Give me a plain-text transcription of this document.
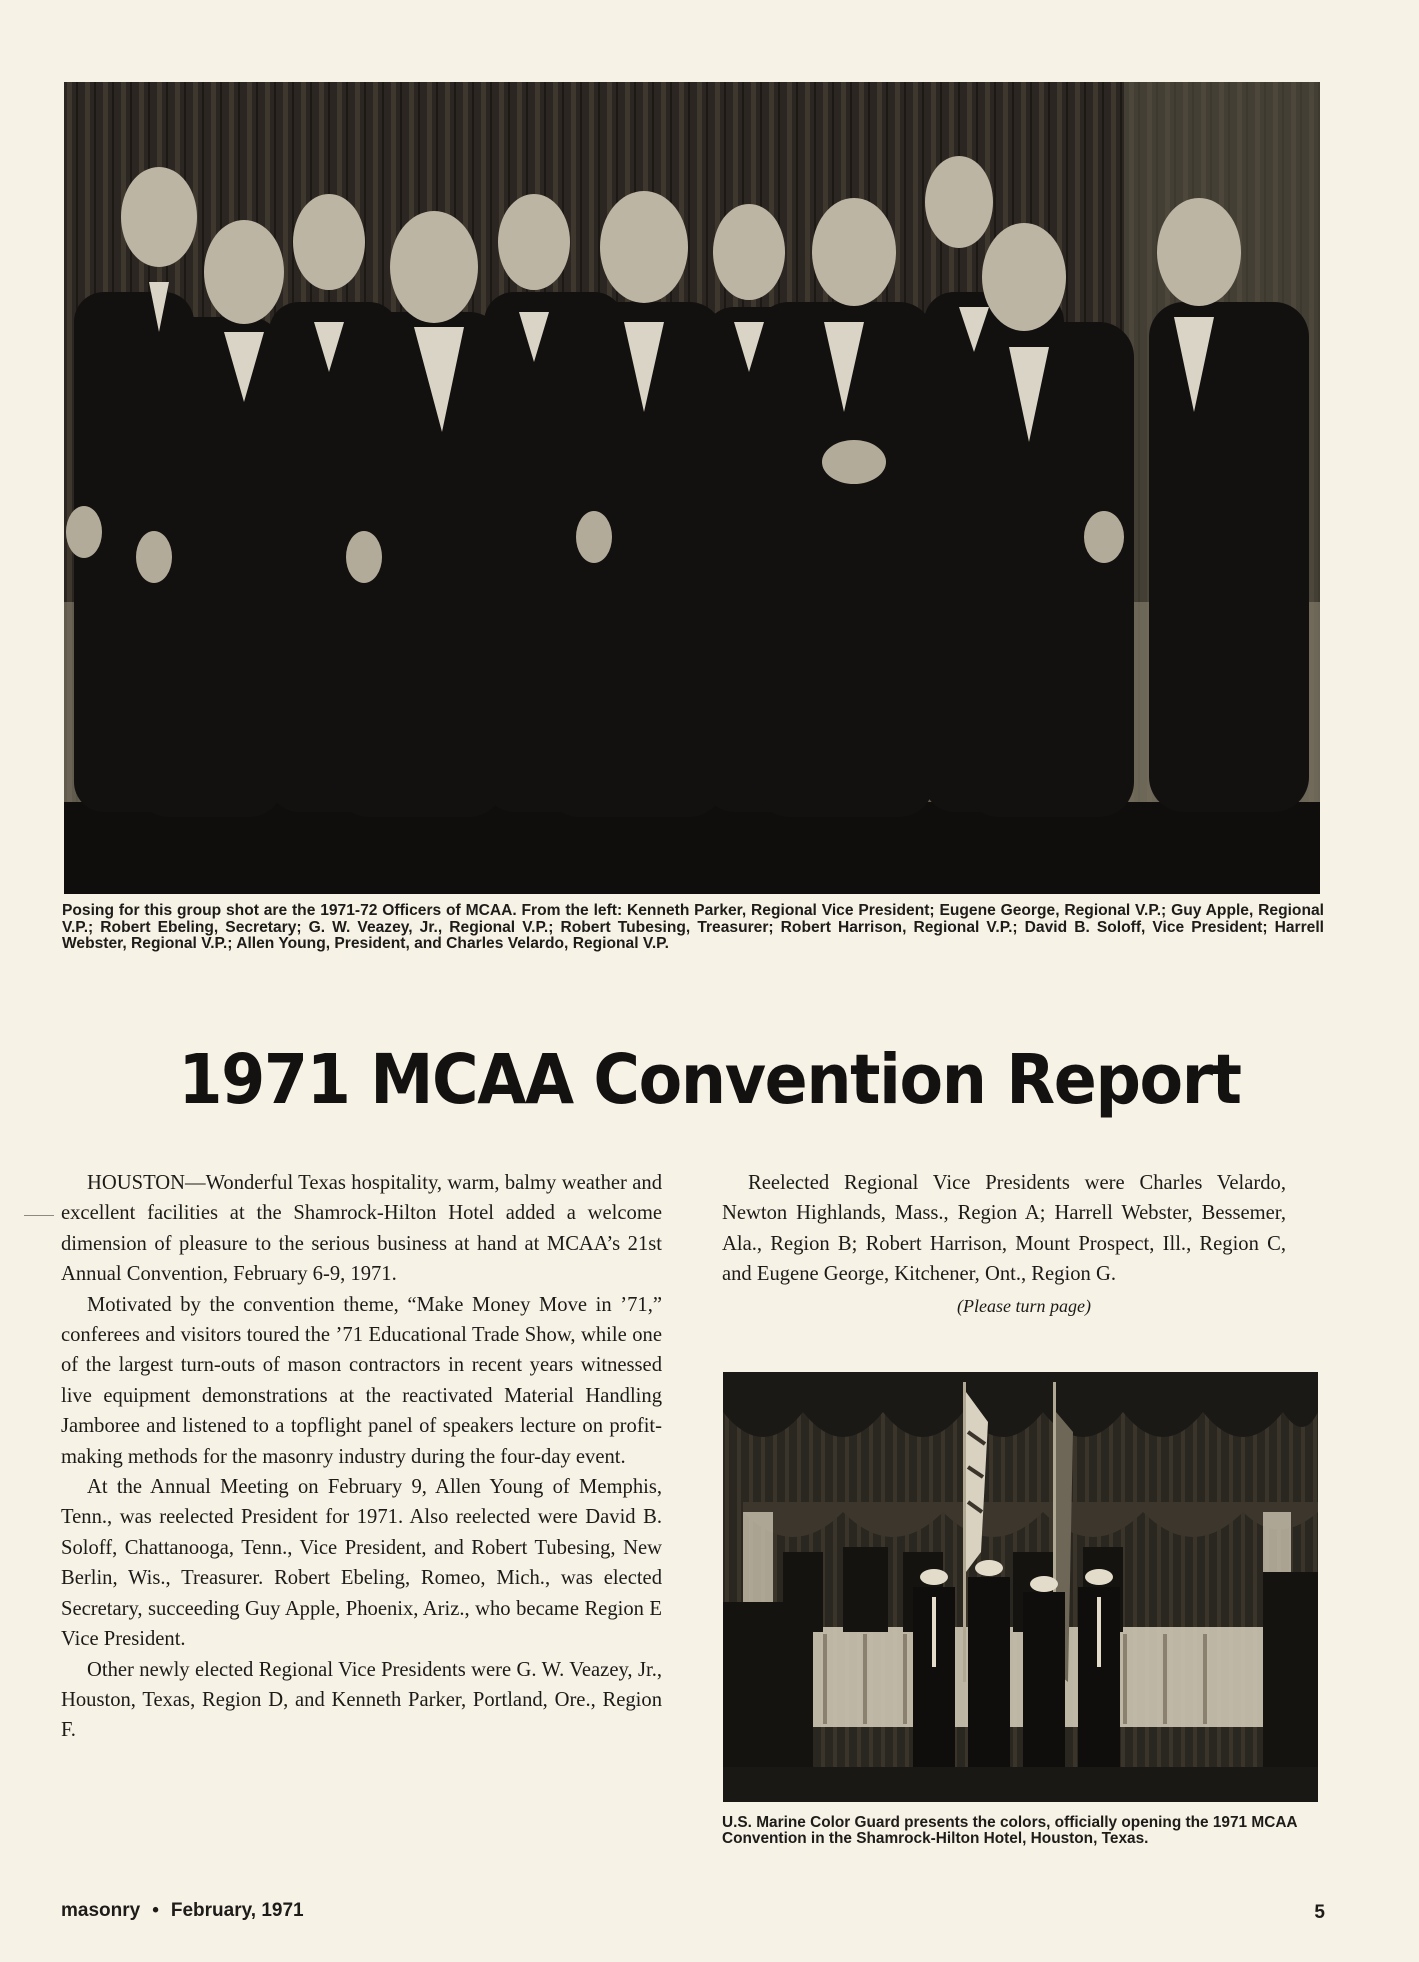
Posing for this group shot are the 1971-72 Officers of MCAA. From the left: Kenneth Parker, Regional Vice President; Eugene George, Regional V.P.; Guy Apple, Regional V.P.; Robert Ebeling, Secretary; G. W. Veazey, Jr., Regional V.P.; Robert Tubesing, Treasurer; Robert Harrison, Regional V.P.; David B. Soloff, Vice President; Harrell Webster, Regional V.P.; Allen Young, President, and Charles Velardo, Regional V.P.
1971 MCAA Convention Report

HOUSTON—Wonderful Texas hospitality, warm, balmy weather and excellent facilities at the Shamrock-Hilton Hotel added a welcome dimension of pleasure to the serious business at hand at MCAA’s 21st Annual Convention, February 6-9, 1971.

Motivated by the convention theme, “Make Money Move in ’71,” conferees and visitors toured the ’71 Educational Trade Show, while one of the largest turn-outs of mason contractors in recent years witnessed live equipment demonstrations at the reactivated Material Handling Jamboree and listened to a topflight panel of speakers lecture on profit-making methods for the masonry industry during the four-day event.

At the Annual Meeting on February 9, Allen Young of Memphis, Tenn., was reelected President for 1971. Also reelected were David B. Soloff, Chattanooga, Tenn., Vice President, and Robert Tubesing, New Berlin, Wis., Treasurer. Robert Ebeling, Romeo, Mich., was elected Secretary, succeeding Guy Apple, Phoenix, Ariz., who became Region E Vice President.

Other newly elected Regional Vice Presidents were G. W. Veazey, Jr., Houston, Texas, Region D, and Kenneth Parker, Portland, Ore., Region F.

Reelected Regional Vice Presidents were Charles Velardo, Newton Highlands, Mass., Region A; Harrell Webster, Bessemer, Ala., Region B; Robert Harrison, Mount Prospect, Ill., Region C, and Eugene George, Kitchener, Ont., Region G.

(Please turn page)

U.S. Marine Color Guard presents the colors, officially opening the 1971 MCAA Convention in the Shamrock-Hilton Hotel, Houston, Texas.
masonry • February, 1971	5
